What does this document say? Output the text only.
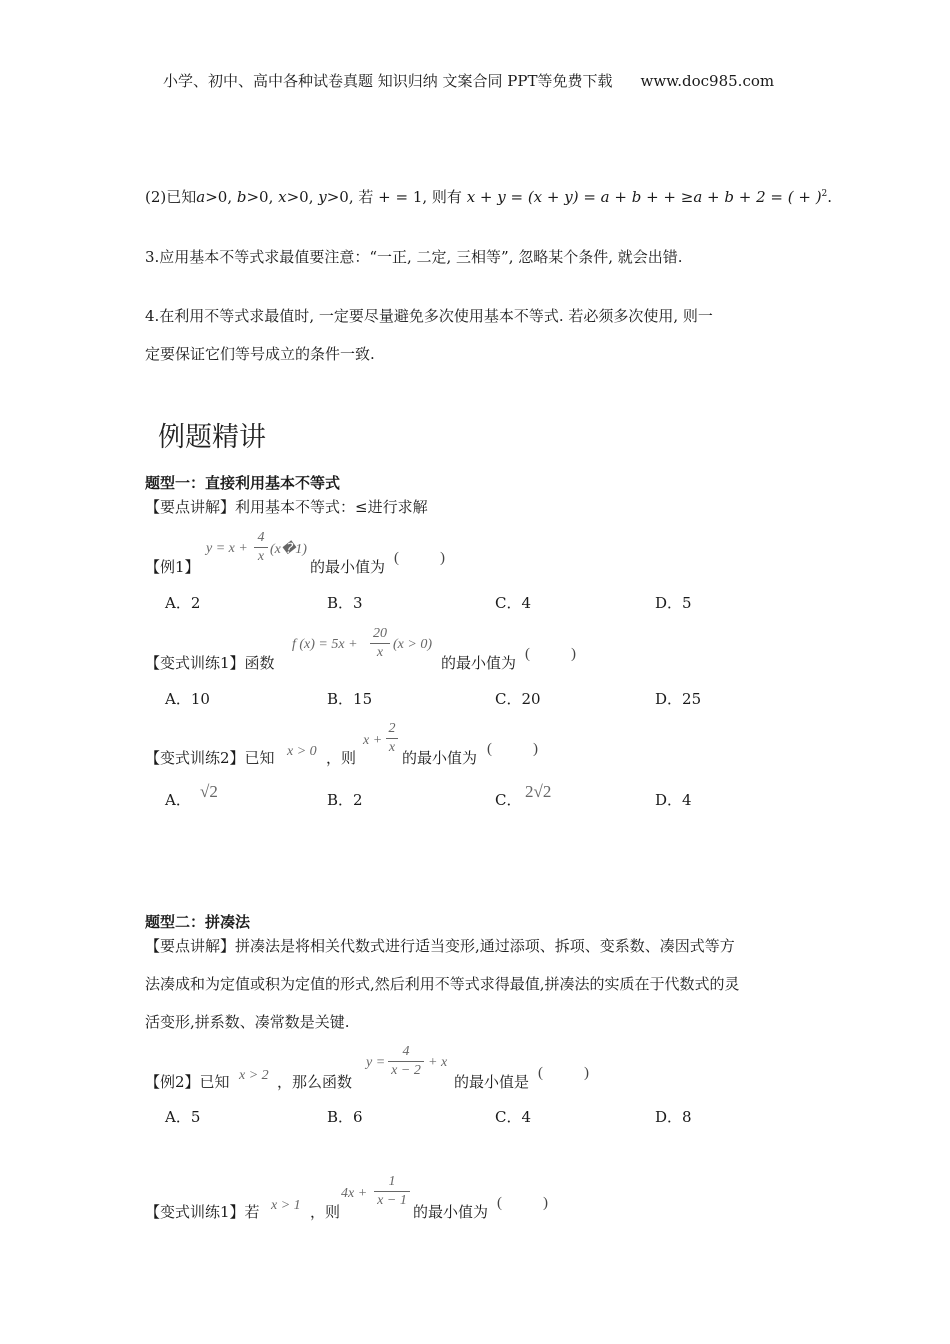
小学、初中、高中各种试卷真题 知识归纳 文案合同 PPT等免费下载 www.doc985.com
(2)已知a>0, b>0, x>0, y>0, 若 + = 1, 则有 x + y = (x + y) = a + b + + ≥a + b + 2 = ( + )$^2$.
3.应用基本不等式求最值要注意：“一正, 二定, 三相等”, 忽略某个条件, 就会出错.
4.在利用不等式求最值时, 一定要尽量避免多次使用基本不等式. 若必须多次使用, 则一
定要保证它们等号成立的条件一致.
例题精讲
题型一：直接利用基本不等式
【要点讲解】利用基本不等式：≤进行求解
【例1】
y = x +
4
x (x�1)
的最小值为 (	)
A．2	B．3	C．4	D．5
【变式训练1】函数
f (x) = 5x +
20
x
(x > 0)
的最小值为 (	)
A．10	B．15	C．20	D．25
【变式训练2】已知 x > 0 ，则
x +
2
x
的最小值为 (	)
A． √2	B．2	C． 2√2	D．4
题型二：拼凑法
【要点讲解】拼凑法是将相关代数式进行适当变形,通过添项、拆项、变系数、凑因式等方
法凑成和为定值或积为定值的形式,然后利用不等式求得最值,拼凑法的实质在于代数式的灵
活变形,拼系数、凑常数是关键.
【例2】已知 x > 2 ，那么函数
y =
4
x − 2
+ x
的最小值是 (	)
A．5	B．6	C．4	D．8
【变式训练1】若 x > 1 ，则
4x +
1
x − 1
的最小值为 (	)
